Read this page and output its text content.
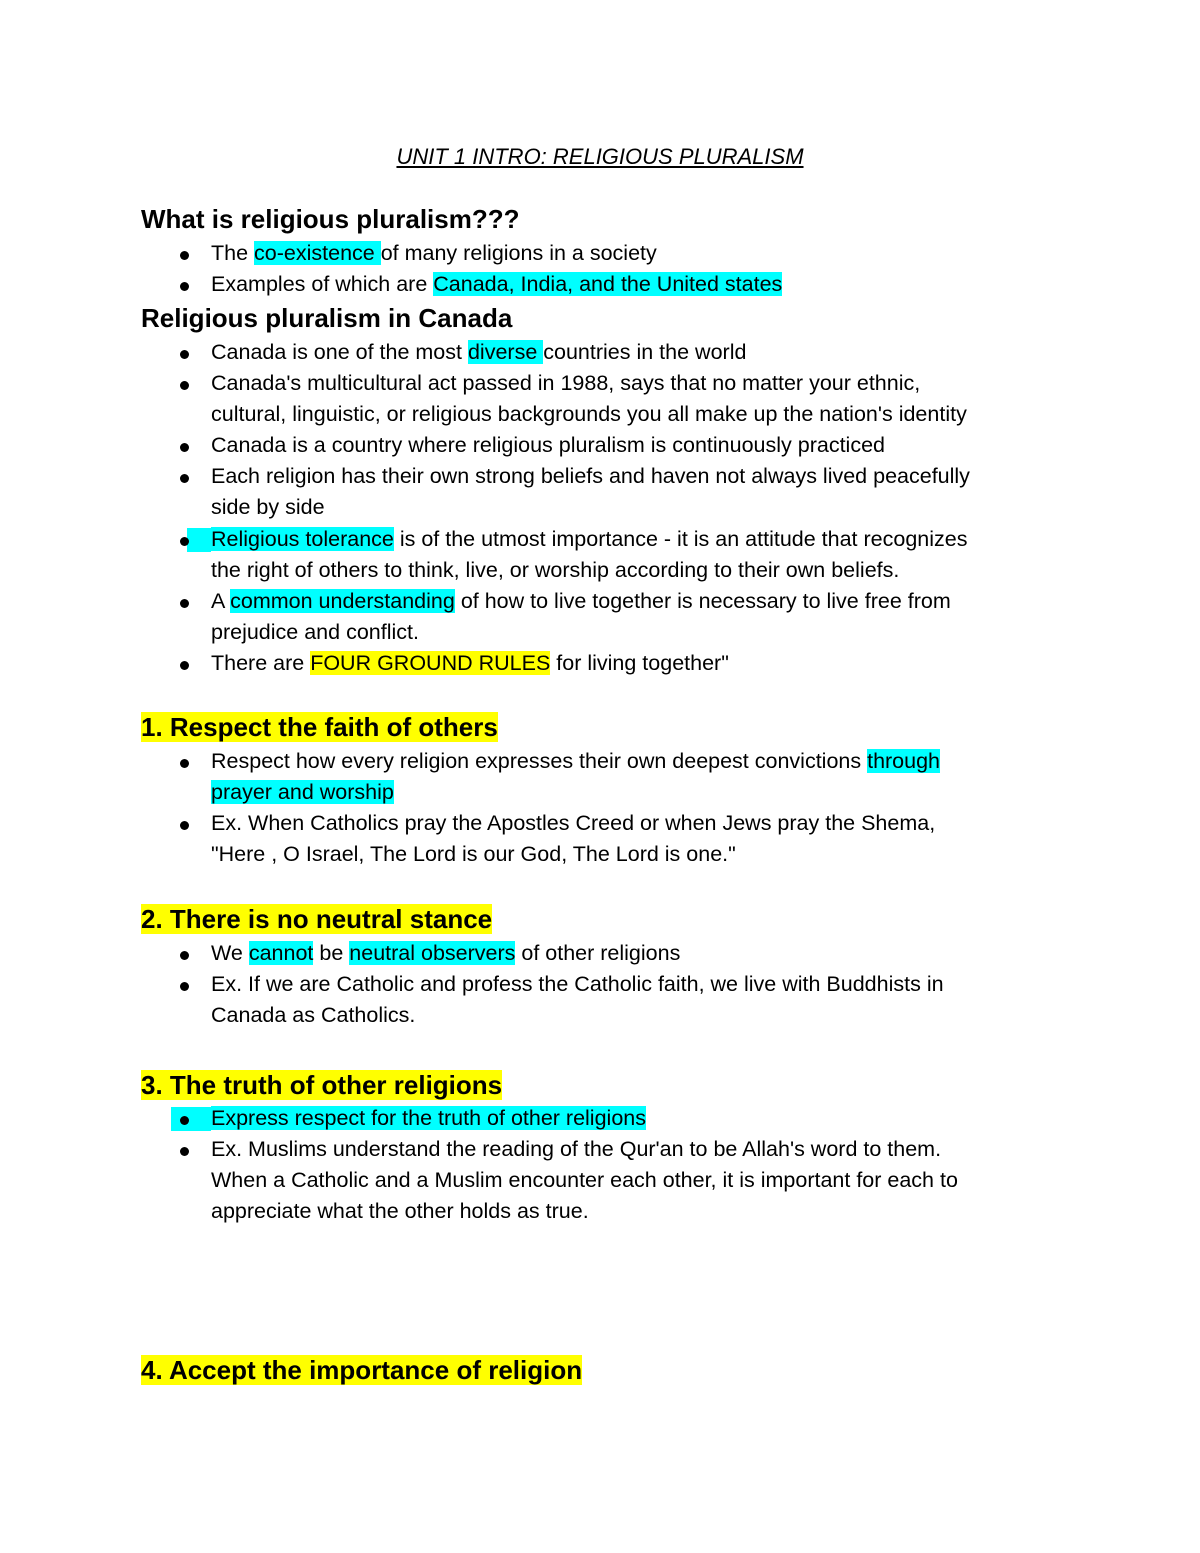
UNIT 1 INTRO: RELIGIOUS PLURALISM
What is religious pluralism???
The co-existence of many religions in a society
Examples of which are Canada, India, and the United states
Religious pluralism in Canada
Canada is one of the most diverse countries in the world
Canada's multicultural act passed in 1988, says that no matter your ethnic,
cultural, linguistic, or religious backgrounds you all make up the nation's identity
Canada is a country where religious pluralism is continuously practiced
Each religion has their own strong beliefs and haven not always lived peacefully
side by side
Religious tolerance is of the utmost importance - it is an attitude that recognizes
the right of others to think, live, or worship according to their own beliefs.
A common understanding of how to live together is necessary to live free from
prejudice and conflict.
There are FOUR GROUND RULES for living together"
1. Respect the faith of others
Respect how every religion expresses their own deepest convictions through
prayer and worship
Ex. When Catholics pray the Apostles Creed or when Jews pray the Shema,
"Here , O Israel, The Lord is our God, The Lord is one."
2. There is no neutral stance
We cannot be neutral observers of other religions
Ex. If we are Catholic and profess the Catholic faith, we live with Buddhists in
Canada as Catholics.
3. The truth of other religions
Express respect for the truth of other religions
Ex. Muslims understand the reading of the Qur'an to be Allah's word to them.
When a Catholic and a Muslim encounter each other, it is important for each to
appreciate what the other holds as true.
4. Accept the importance of religion
